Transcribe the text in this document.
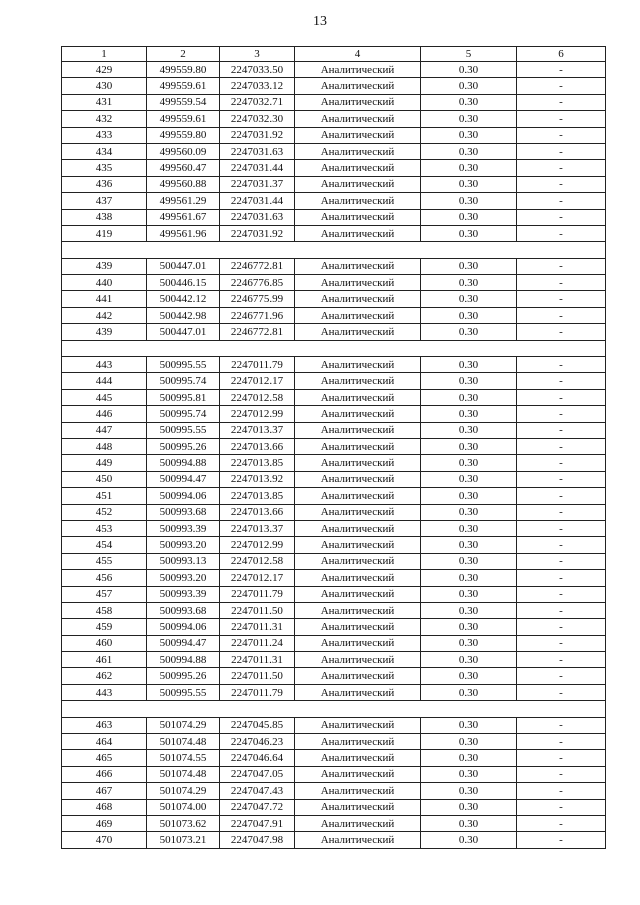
13
1	2	3	4	5	6
429	499559.80	2247033.50	Аналитический	0.30	-
430	499559.61	2247033.12	Аналитический	0.30	-
431	499559.54	2247032.71	Аналитический	0.30	-
432	499559.61	2247032.30	Аналитический	0.30	-
433	499559.80	2247031.92	Аналитический	0.30	-
434	499560.09	2247031.63	Аналитический	0.30	-
435	499560.47	2247031.44	Аналитический	0.30	-
436	499560.88	2247031.37	Аналитический	0.30	-
437	499561.29	2247031.44	Аналитический	0.30	-
438	499561.67	2247031.63	Аналитический	0.30	-
419	499561.96	2247031.92	Аналитический	0.30	-

439	500447.01	2246772.81	Аналитический	0.30	-
440	500446.15	2246776.85	Аналитический	0.30	-
441	500442.12	2246775.99	Аналитический	0.30	-
442	500442.98	2246771.96	Аналитический	0.30	-
439	500447.01	2246772.81	Аналитический	0.30	-

443	500995.55	2247011.79	Аналитический	0.30	-
444	500995.74	2247012.17	Аналитический	0.30	-
445	500995.81	2247012.58	Аналитический	0.30	-
446	500995.74	2247012.99	Аналитический	0.30	-
447	500995.55	2247013.37	Аналитический	0.30	-
448	500995.26	2247013.66	Аналитический	0.30	-
449	500994.88	2247013.85	Аналитический	0.30	-
450	500994.47	2247013.92	Аналитический	0.30	-
451	500994.06	2247013.85	Аналитический	0.30	-
452	500993.68	2247013.66	Аналитический	0.30	-
453	500993.39	2247013.37	Аналитический	0.30	-
454	500993.20	2247012.99	Аналитический	0.30	-
455	500993.13	2247012.58	Аналитический	0.30	-
456	500993.20	2247012.17	Аналитический	0.30	-
457	500993.39	2247011.79	Аналитический	0.30	-
458	500993.68	2247011.50	Аналитический	0.30	-
459	500994.06	2247011.31	Аналитический	0.30	-
460	500994.47	2247011.24	Аналитический	0.30	-
461	500994.88	2247011.31	Аналитический	0.30	-
462	500995.26	2247011.50	Аналитический	0.30	-
443	500995.55	2247011.79	Аналитический	0.30	-

463	501074.29	2247045.85	Аналитический	0.30	-
464	501074.48	2247046.23	Аналитический	0.30	-
465	501074.55	2247046.64	Аналитический	0.30	-
466	501074.48	2247047.05	Аналитический	0.30	-
467	501074.29	2247047.43	Аналитический	0.30	-
468	501074.00	2247047.72	Аналитический	0.30	-
469	501073.62	2247047.91	Аналитический	0.30	-
470	501073.21	2247047.98	Аналитический	0.30	-
